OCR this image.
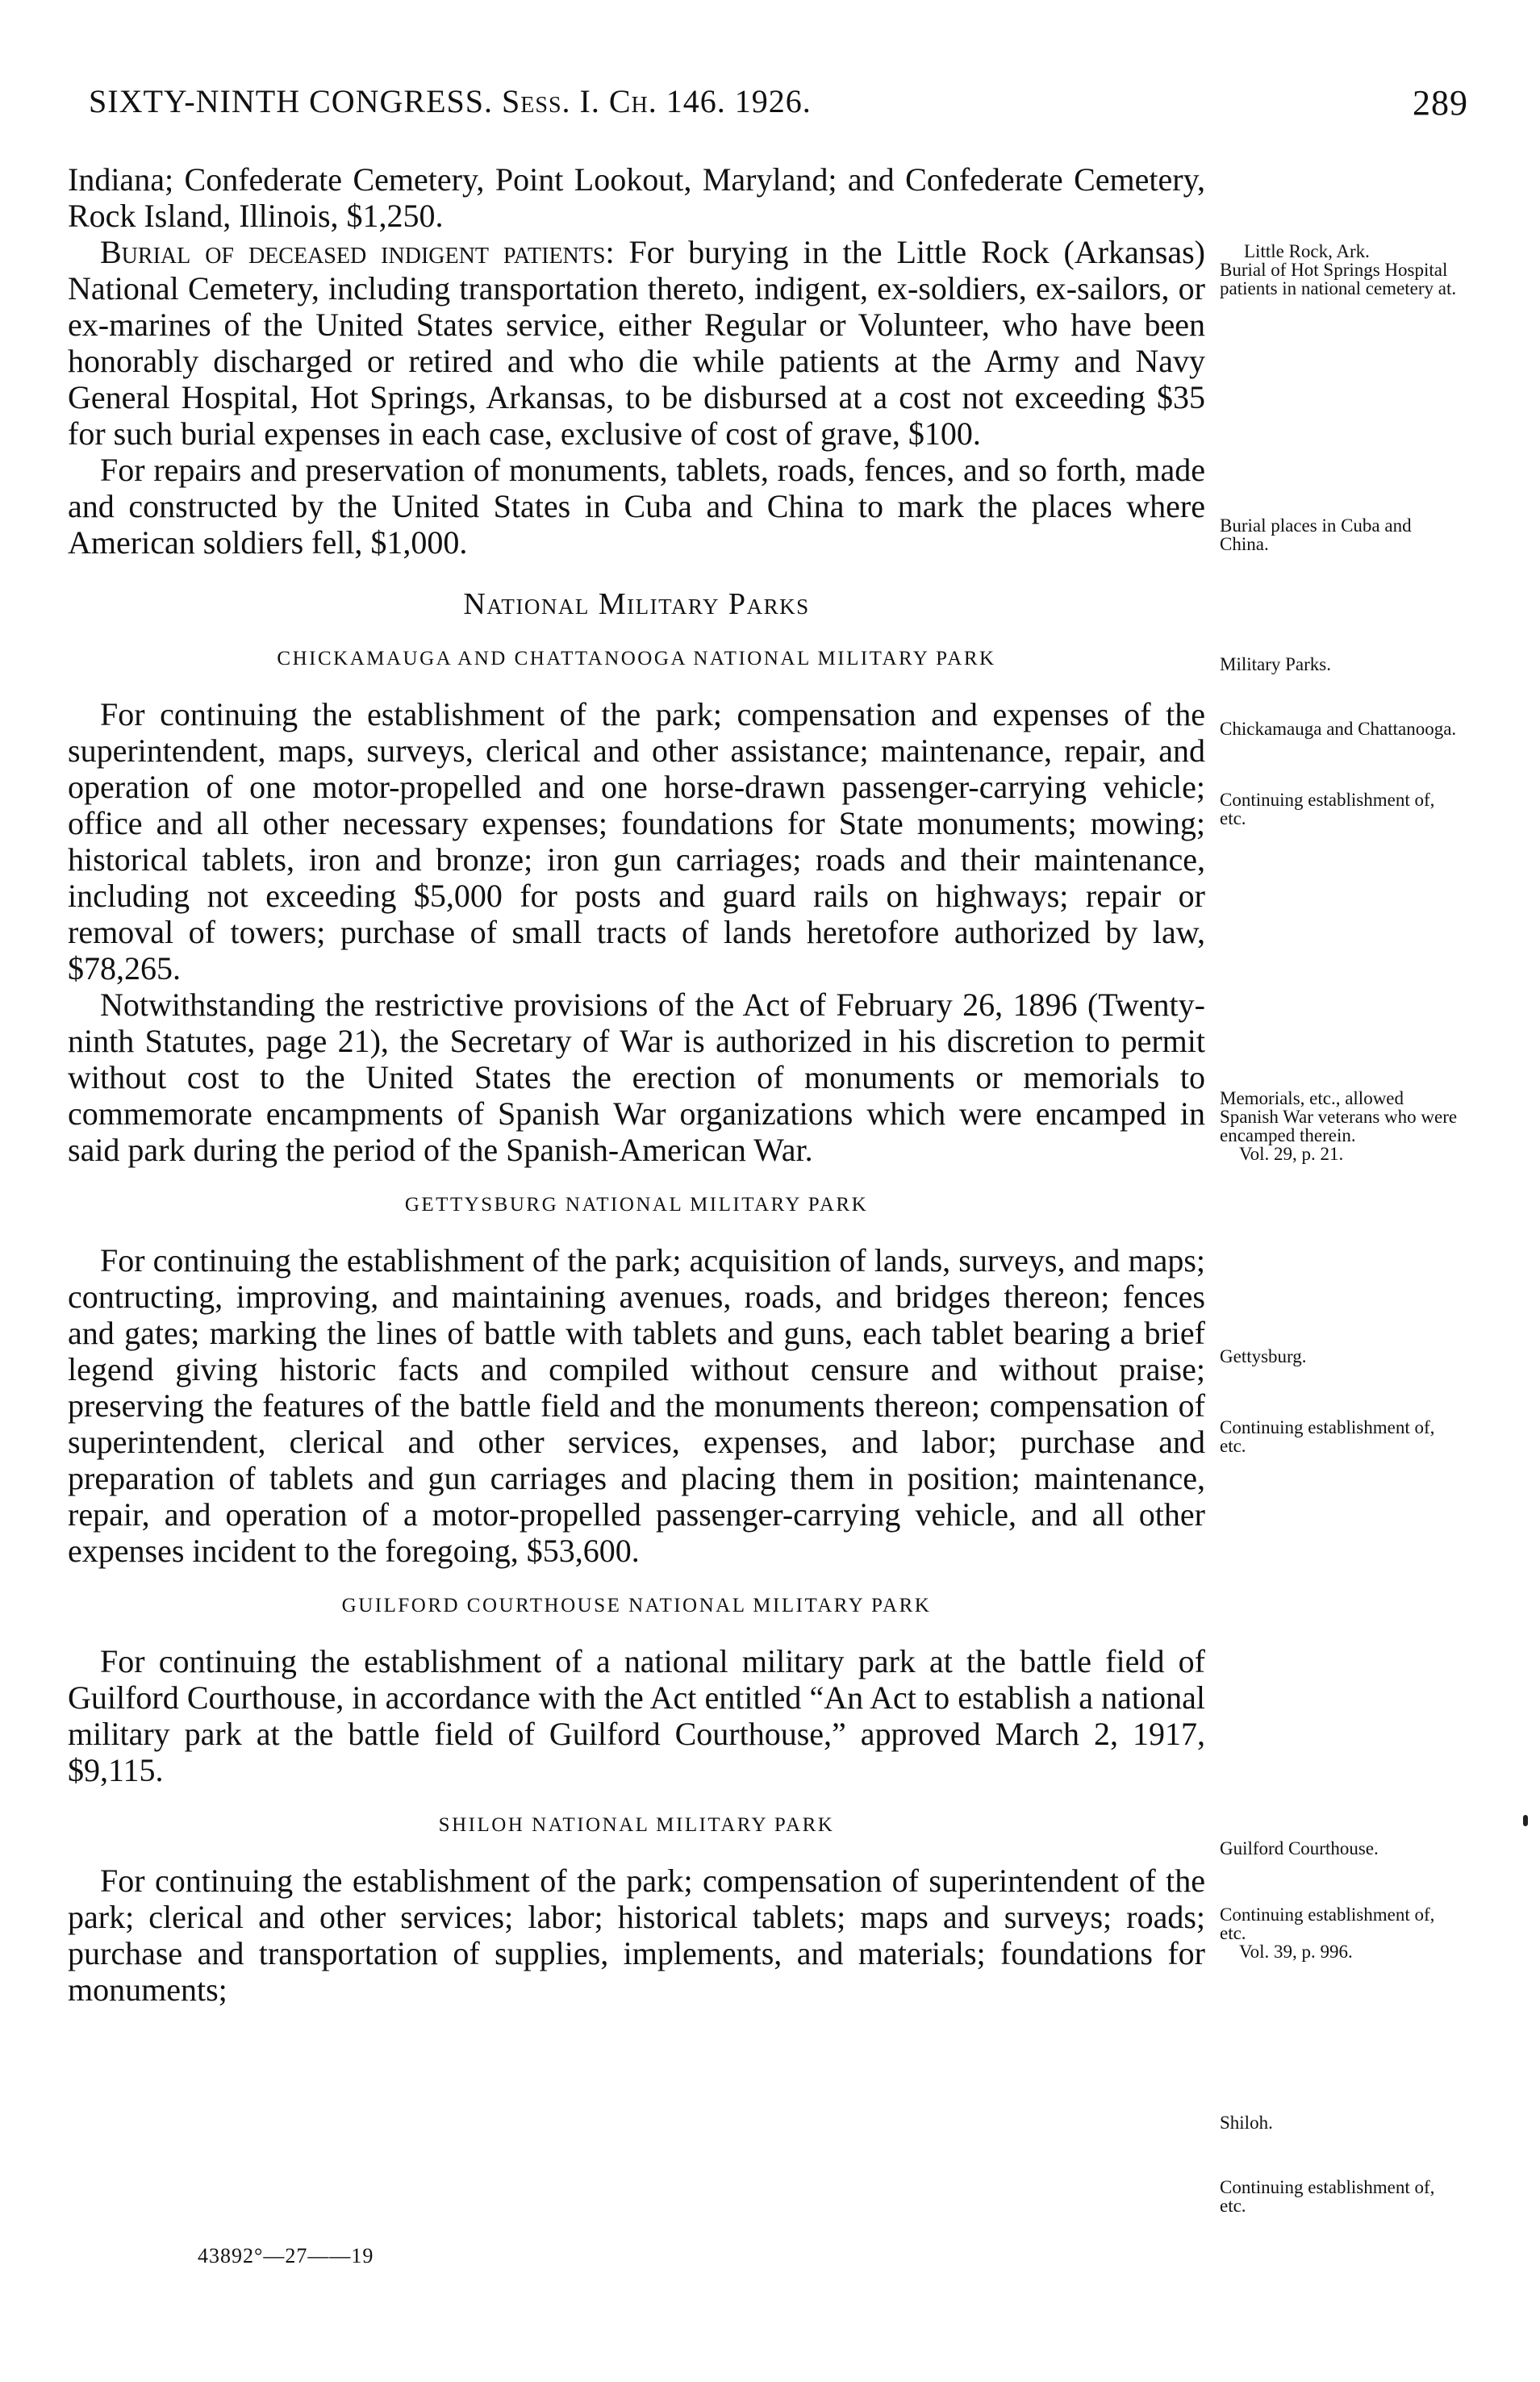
SIXTY-NINTH CONGRESS. Sess. I. Ch. 146. 1926.	289

Indiana; Confederate Cemetery, Point Lookout, Maryland; and Confederate Cemetery, Rock Island, Illinois, $1,250.

Burial of deceased indigent patients: For burying in the Little Rock (Arkansas) National Cemetery, including transportation thereto, indigent, ex-soldiers, ex-sailors, or ex-marines of the United States service, either Regular or Volunteer, who have been honorably discharged or retired and who die while patients at the Army and Navy General Hospital, Hot Springs, Arkansas, to be disbursed at a cost not exceeding $35 for such burial expenses in each case, exclusive of cost of grave, $100.

For repairs and preservation of monuments, tablets, roads, fences, and so forth, made and constructed by the United States in Cuba and China to mark the places where American soldiers fell, $1,000.

National Military Parks

CHICKAMAUGA AND CHATTANOOGA NATIONAL MILITARY PARK

For continuing the establishment of the park; compensation and expenses of the superintendent, maps, surveys, clerical and other assistance; maintenance, repair, and operation of one motor-propelled and one horse-drawn passenger-carrying vehicle; office and all other necessary expenses; foundations for State monuments; mowing; historical tablets, iron and bronze; iron gun carriages; roads and their maintenance, including not exceeding $5,000 for posts and guard rails on highways; repair or removal of towers; purchase of small tracts of lands heretofore authorized by law, $78,265.

Notwithstanding the restrictive provisions of the Act of February 26, 1896 (Twenty-ninth Statutes, page 21), the Secretary of War is authorized in his discretion to permit without cost to the United States the erection of monuments or memorials to commemorate encampments of Spanish War organizations which were encamped in said park during the period of the Spanish-American War.

GETTYSBURG NATIONAL MILITARY PARK

For continuing the establishment of the park; acquisition of lands, surveys, and maps; contructing, improving, and maintaining avenues, roads, and bridges thereon; fences and gates; marking the lines of battle with tablets and guns, each tablet bearing a brief legend giving historic facts and compiled without censure and without praise; preserving the features of the battle field and the monuments thereon; compensation of superintendent, clerical and other services, expenses, and labor; purchase and preparation of tablets and gun carriages and placing them in position; maintenance, repair, and operation of a motor-propelled passenger-carrying vehicle, and all other expenses incident to the foregoing, $53,600.

GUILFORD COURTHOUSE NATIONAL MILITARY PARK

For continuing the establishment of a national military park at the battle field of Guilford Courthouse, in accordance with the Act entitled “An Act to establish a national military park at the battle field of Guilford Courthouse,” approved March 2, 1917, $9,115.

SHILOH NATIONAL MILITARY PARK

For continuing the establishment of the park; compensation of superintendent of the park; clerical and other services; labor; historical tablets; maps and surveys; roads; purchase and transportation of supplies, implements, and materials; foundations for monuments;

Little Rock, Ark.
Burial of Hot Springs Hospital patients in national cemetery at.
Burial places in Cuba and China.
Military Parks.
Chickamauga and Chattanooga.
Continuing establishment of, etc.
Memorials, etc., allowed Spanish War veterans who were encamped therein.
Vol. 29, p. 21.
Gettysburg.
Continuing establishment of, etc.
Guilford Courthouse.
Continuing establishment of, etc.
Vol. 39, p. 996.
Shiloh.
Continuing establishment of, etc.
43892°—27——19
